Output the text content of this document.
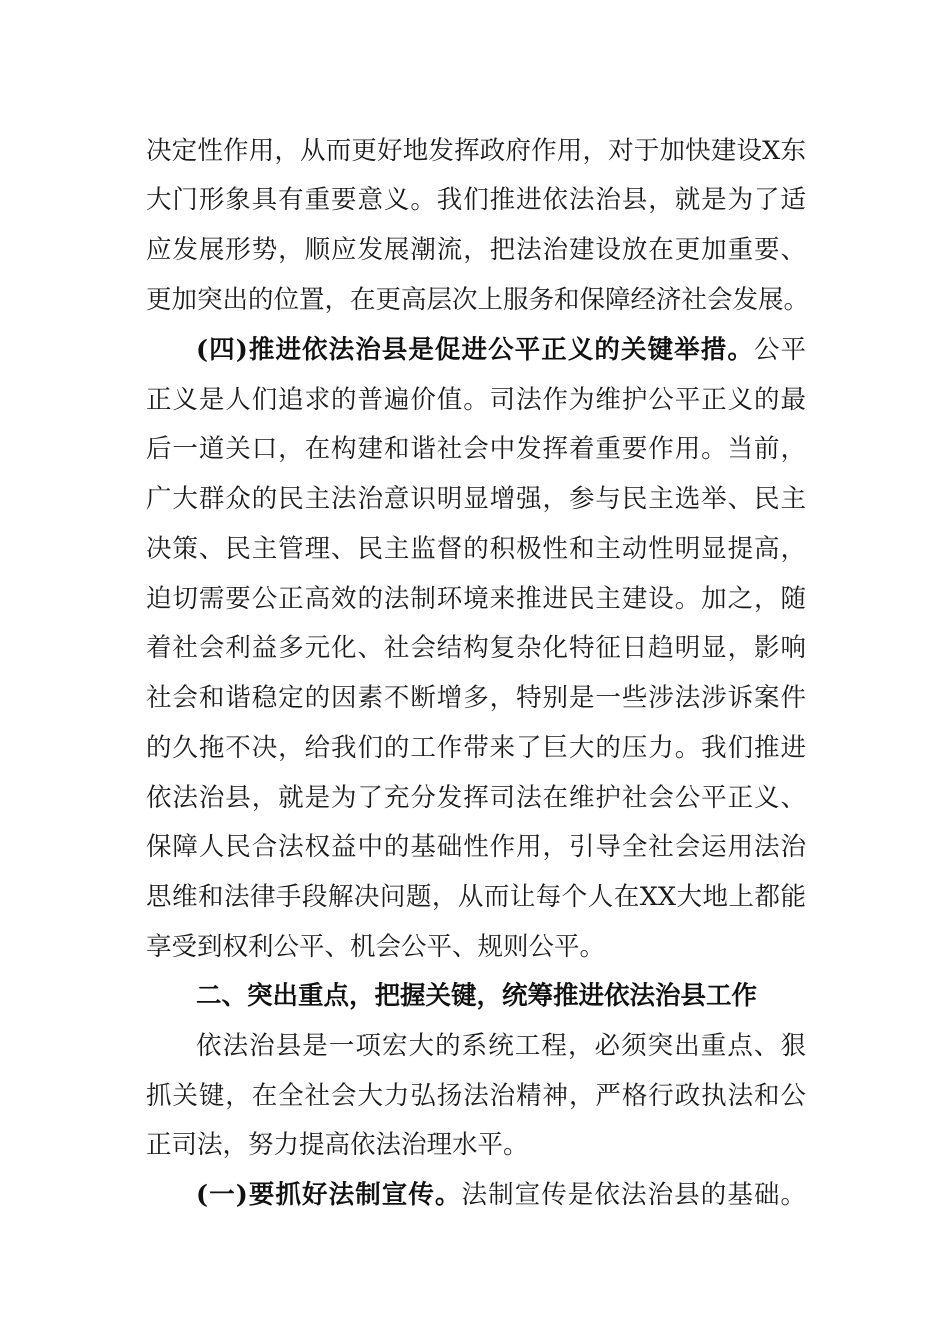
决定性作用，从而更好地发挥政府作用，对于加快建设X东
大门形象具有重要意义。我们推进依法治县，就是为了适
应发展形势，顺应发展潮流，把法治建设放在更加重要、
更加突出的位置，在更高层次上服务和保障经济社会发展。
(四)推进依法治县是促进公平正义的关键举措。公平
正义是人们追求的普遍价值。司法作为维护公平正义的最
后一道关口，在构建和谐社会中发挥着重要作用。当前，
广大群众的民主法治意识明显增强，参与民主选举、民主
决策、民主管理、民主监督的积极性和主动性明显提高，
迫切需要公正高效的法制环境来推进民主建设。加之，随
着社会利益多元化、社会结构复杂化特征日趋明显，影响
社会和谐稳定的因素不断增多，特别是一些涉法涉诉案件
的久拖不决，给我们的工作带来了巨大的压力。我们推进
依法治县，就是为了充分发挥司法在维护社会公平正义、
保障人民合法权益中的基础性作用，引导全社会运用法治
思维和法律手段解决问题，从而让每个人在XX大地上都能
享受到权利公平、机会公平、规则公平。
二、突出重点，把握关键，统筹推进依法治县工作
依法治县是一项宏大的系统工程，必须突出重点、狠
抓关键，在全社会大力弘扬法治精神，严格行政执法和公
正司法，努力提高依法治理水平。
(一)要抓好法制宣传。法制宣传是依法治县的基础。
